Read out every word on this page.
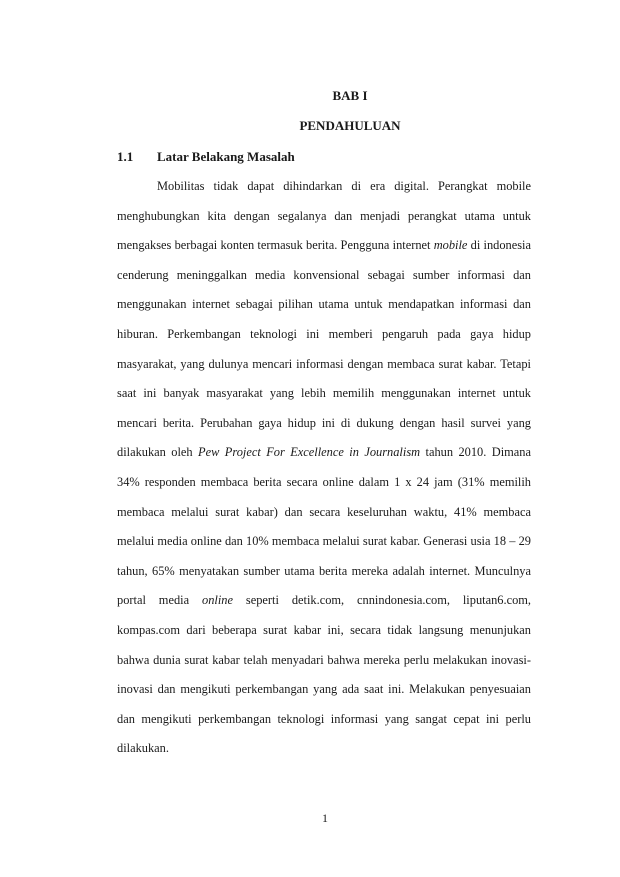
BAB I
PENDAHULUAN
1.1 Latar Belakang Masalah

Mobilitas tidak dapat dihindarkan di era digital. Perangkat mobile menghubungkan kita dengan segalanya dan menjadi perangkat utama untuk mengakses berbagai konten termasuk berita. Pengguna internet mobile di indonesia cenderung meninggalkan media konvensional sebagai sumber informasi dan menggunakan internet sebagai pilihan utama untuk mendapatkan informasi dan hiburan. Perkembangan teknologi ini memberi pengaruh pada gaya hidup masyarakat, yang dulunya mencari informasi dengan membaca surat kabar. Tetapi saat ini banyak masyarakat yang lebih memilih menggunakan internet untuk mencari berita. Perubahan gaya hidup ini di dukung dengan hasil survei yang dilakukan oleh Pew Project For Excellence in Journalism tahun 2010. Dimana 34% responden membaca berita secara online dalam 1 x 24 jam (31% memilih membaca melalui surat kabar) dan secara keseluruhan waktu, 41% membaca melalui media online dan 10% membaca melalui surat kabar. Generasi usia 18 – 29 tahun, 65% menyatakan sumber utama berita mereka adalah internet. Munculnya portal media online seperti detik.com, cnnindonesia.com, liputan6.com, kompas.com dari beberapa surat kabar ini, secara tidak langsung menunjukan bahwa dunia surat kabar telah menyadari bahwa mereka perlu melakukan inovasi-inovasi dan mengikuti perkembangan yang ada saat ini. Melakukan penyesuaian dan mengikuti perkembangan teknologi informasi yang sangat cepat ini perlu dilakukan.

1
